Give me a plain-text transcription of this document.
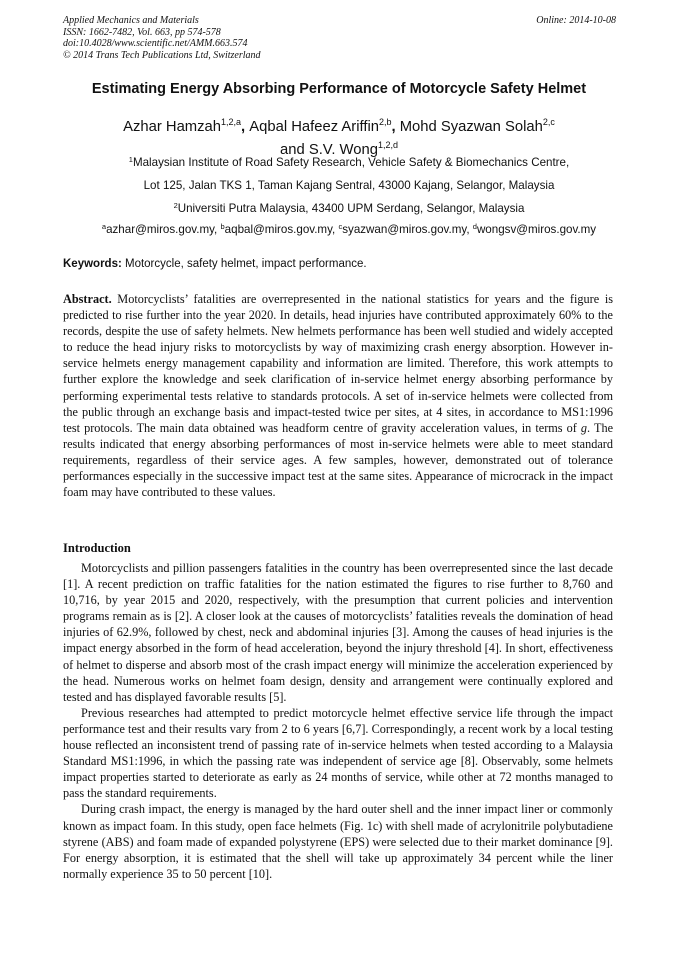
Applied Mechanics and Materials
ISSN: 1662-7482, Vol. 663, pp 574-578
doi:10.4028/www.scientific.net/AMM.663.574
© 2014 Trans Tech Publications Ltd, Switzerland
Online: 2014-10-08
Estimating Energy Absorbing Performance of Motorcycle Safety Helmet
Azhar Hamzah$^{1,2,a}$, Aqbal Hafeez Ariffin$^{2,b}$, Mohd Syazwan Solah$^{2,c}$
and S.V. Wong$^{1,2,d}$
$^1$Malaysian Institute of Road Safety Research, Vehicle Safety & Biomechanics Centre,
Lot 125, Jalan TKS 1, Taman Kajang Sentral, 43000 Kajang, Selangor, Malaysia
$^2$Universiti Putra Malaysia, 43400 UPM Serdang, Selangor, Malaysia
$^a$azhar@miros.gov.my, $^b$aqbal@miros.gov.my, $^c$syazwan@miros.gov.my, $^d$wongsv@miros.gov.my
Keywords: Motorcycle, safety helmet, impact performance.

Abstract. Motorcyclists’ fatalities are overrepresented in the national statistics for years and the figure is predicted to rise further into the year 2020. In details, head injuries have contributed approximately 60% to the records, despite the use of safety helmets. New helmets performance has been well studied and widely accepted to reduce the head injury risks to motorcyclists by way of maximizing crash energy absorption. However in-service helmets energy management capability and information are limited. Therefore, this work attempts to further explore the knowledge and seek clarification of in-service helmet energy absorbing performance by performing experimental tests relative to standards protocols. A set of in-service helmets were collected from the public through an exchange basis and impact-tested twice per sites, at 4 sites, in accordance to MS1:1996 test protocols. The main data obtained was headform centre of gravity acceleration values, in terms of g. The results indicated that energy absorbing performances of most in-service helmets were able to meet standard requirements, regardless of their service ages. A few samples, however, demonstrated out of tolerance performances especially in the successive impact test at the same sites. Appearance of microcrack in the impact foam may have contributed to these values.

Introduction

Motorcyclists and pillion passengers fatalities in the country has been overrepresented since the last decade [1]. A recent prediction on traffic fatalities for the nation estimated the figures to rise further to 8,760 and 10,716, by year 2015 and 2020, respectively, with the presumption that current policies and intervention programs remain as is [2]. A closer look at the causes of motorcyclists’ fatalities reveals the domination of head injuries of 62.9%, followed by chest, neck and abdominal injuries [3]. Among the causes of head injuries is the impact energy absorbed in the form of head acceleration, beyond the injury threshold [4]. In short, effectiveness of helmet to disperse and absorb most of the crash impact energy will minimize the acceleration experienced by the head. Numerous works on helmet foam design, density and arrangement were continually explored and tested and has displayed favorable results [5].

Previous researches had attempted to predict motorcycle helmet effective service life through the impact performance test and their results vary from 2 to 6 years [6,7]. Correspondingly, a recent work by a local testing house reflected an inconsistent trend of passing rate of in-service helmets when tested according to a Malaysia Standard MS1:1996, in which the passing rate was independent of service age [8]. Observably, some helmets impact properties started to deteriorate as early as 24 months of service, while other at 72 months managed to pass the standard requirements.

During crash impact, the energy is managed by the hard outer shell and the inner impact liner or commonly known as impact foam. In this study, open face helmets (Fig. 1c) with shell made of acrylonitrile polybutadiene styrene (ABS) and foam made of expanded polystyrene (EPS) were selected due to their market dominance [9]. For energy absorption, it is estimated that the shell will take up approximately 34 percent while the liner normally experience 35 to 50 percent [10].
